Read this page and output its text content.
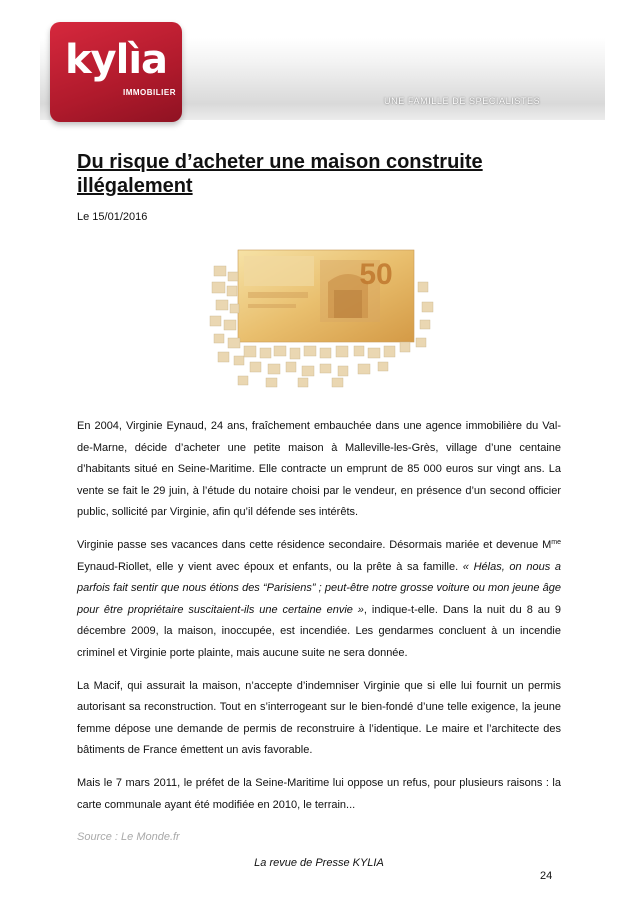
kylìa
IMMOBILIER
UNE FAMILLE DE SPECIALISTES
Du risque d’acheter une maison construite illégalement
Le 15/01/2016
50

En 2004, Virginie Eynaud, 24 ans, fraîchement embauchée dans une agence immobilière du Val-de-Marne, décide d’acheter une petite maison à Malleville-les-Grès, village d’une centaine d’habitants situé en Seine-Maritime. Elle contracte un emprunt de 85 000 euros sur vingt ans. La vente se fait le 29 juin, à l’étude du notaire choisi par le vendeur, en présence d’un second officier public, sollicité par Virginie, afin qu’il défende ses intérêts.

Virginie passe ses vacances dans cette résidence secondaire. Désormais mariée et devenue $M^{me}$ Eynaud-Riollet, elle y vient avec époux et enfants, ou la prête à sa famille. « Hélas, on nous a parfois fait sentir que nous étions des “Parisiens” ; peut-être notre grosse voiture ou mon jeune âge pour être propriétaire suscitaient-ils une certaine envie », indique-t-elle. Dans la nuit du 8 au 9 décembre 2009, la maison, inoccupée, est incendiée. Les gendarmes concluent à un incendie criminel et Virginie porte plainte, mais aucune suite ne sera donnée.

La Macif, qui assurait la maison, n’accepte d’indemniser Virginie que si elle lui fournit un permis autorisant sa reconstruction. Tout en s’interrogeant sur le bien-fondé d’une telle exigence, la jeune femme dépose une demande de permis de reconstruire à l’identique. Le maire et l’architecte des bâtiments de France émettent un avis favorable.

Mais le 7 mars 2011, le préfet de la Seine-Maritime lui oppose un refus, pour plusieurs raisons : la carte communale ayant été modifiée en 2010, le terrain...

Source : Le Monde.fr

La revue de Presse KYLIA
24
